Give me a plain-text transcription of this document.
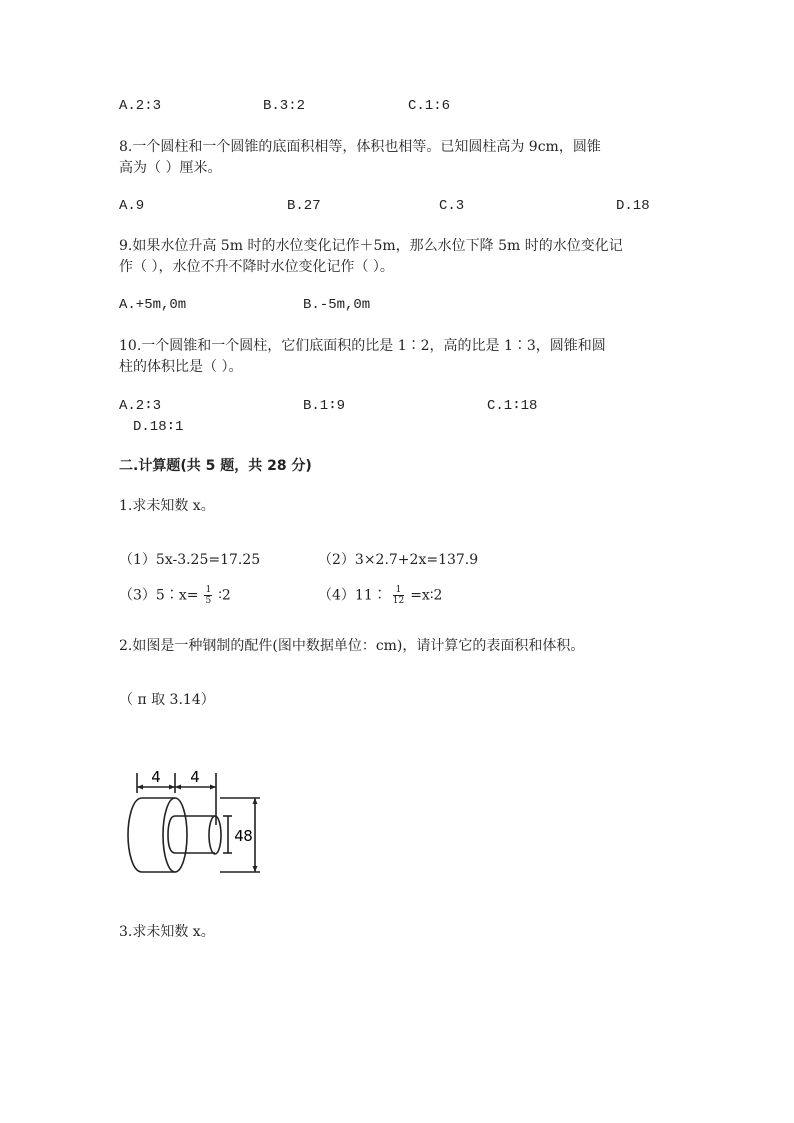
A.2:3	B.3:2	C.1:6
8.一个圆柱和一个圆锥的底面积相等，体积也相等。已知圆柱高为 9cm，圆锥
高为（ ）厘米。
A.9	B.27	C.3	D.18
9.如果水位升高 5m 时的水位变化记作＋5m，那么水位下降 5m 时的水位变化记
作（ ），水位不升不降时水位变化记作（ ）。
A.+5m,0m	B.-5m,0m
10.一个圆锥和一个圆柱，它们底面积的比是 1∶2，高的比是 1∶3，圆锥和圆
柱的体积比是（ ）。
A.2∶3	B.1∶9	C.1∶18
D.18∶1
二.计算题(共 5 题，共 28 分)
1.求未知数 x。
（1）5x-3.25=17.25	（2）3×2.7+2x=137.9
（3）5∶x= $\frac{1}{5}$ ∶2	（4）11∶ $\frac{1}{12}$ =x∶2
2.如图是一种钢制的配件(图中数据单位：cm)，请计算它的表面积和体积。
（ π 取 3.14）
4 4
4 8
3.求未知数 x。
